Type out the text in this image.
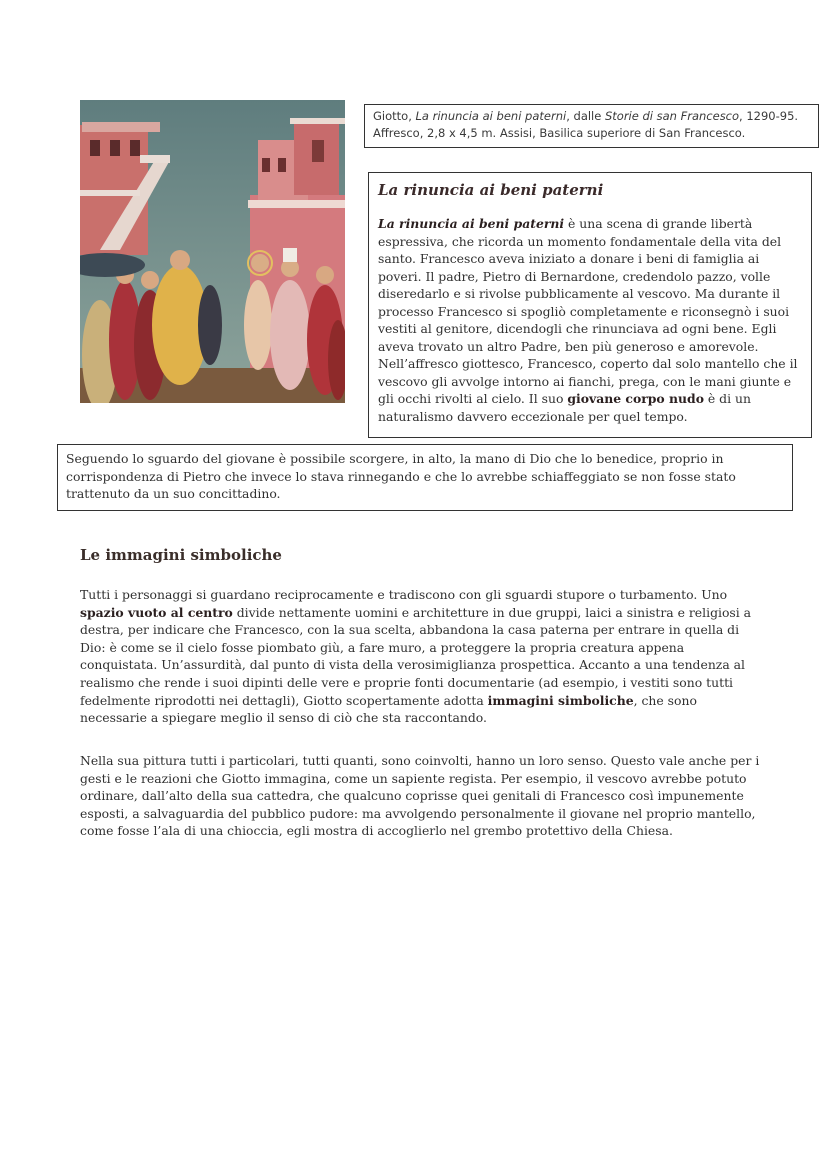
Giotto, La rinuncia ai beni paterni, dalle Storie di san Francesco, 1290-95.
Affresco, 2,8 x 4,5 m. Assisi, Basilica superiore di San Francesco.
La rinuncia ai beni paterni

La rinuncia ai beni paterni è una scena di grande libertà espressiva, che ricorda un momento fondamentale della vita del santo. Francesco aveva iniziato a donare i beni di famiglia ai poveri. Il padre, Pietro di Bernardone, credendolo pazzo, volle diseredarlo e si rivolse pubblicamente al vescovo. Ma durante il processo Francesco si spogliò completamente e riconsegnò i suoi vestiti al genitore, dicendogli che rinunciava ad ogni bene. Egli aveva trovato un altro Padre, ben più generoso e amorevole. Nell’affresco giottesco, Francesco, coperto dal solo mantello che il vescovo gli avvolge intorno ai fianchi, prega, con le mani giunte e gli occhi rivolti al cielo. Il suo giovane corpo nudo è di un naturalismo davvero eccezionale per quel tempo.

Seguendo lo sguardo del giovane è possibile scorgere, in alto, la mano di Dio che lo benedice, proprio in corrispondenza di Pietro che invece lo stava rinnegando e che lo avrebbe schiaffeggiato se non fosse stato trattenuto da un suo concittadino.
Le immagini simboliche

Tutti i personaggi si guardano reciprocamente e tradiscono con gli sguardi stupore o turbamento. Uno spazio vuoto al centro divide nettamente uomini e architetture in due gruppi, laici a sinistra e religiosi a destra, per indicare che Francesco, con la sua scelta, abbandona la casa paterna per entrare in quella di Dio: è come se il cielo fosse piombato giù, a fare muro, a proteggere la propria creatura appena conquistata. Un’assurdità, dal punto di vista della verosimiglianza prospettica. Accanto a una tendenza al realismo che rende i suoi dipinti delle vere e proprie fonti documentarie (ad esempio, i vestiti sono tutti fedelmente riprodotti nei dettagli), Giotto scopertamente adotta immagini simboliche, che sono necessarie a spiegare meglio il senso di ciò che sta raccontando.

Nella sua pittura tutti i particolari, tutti quanti, sono coinvolti, hanno un loro senso. Questo vale anche per i gesti e le reazioni che Giotto immagina, come un sapiente regista. Per esempio, il vescovo avrebbe potuto ordinare, dall’alto della sua cattedra, che qualcuno coprisse quei genitali di Francesco così impunemente esposti, a salvaguardia del pubblico pudore: ma avvolgendo personalmente il giovane nel proprio mantello, come fosse l’ala di una chioccia, egli mostra di accoglierlo nel grembo protettivo della Chiesa.
